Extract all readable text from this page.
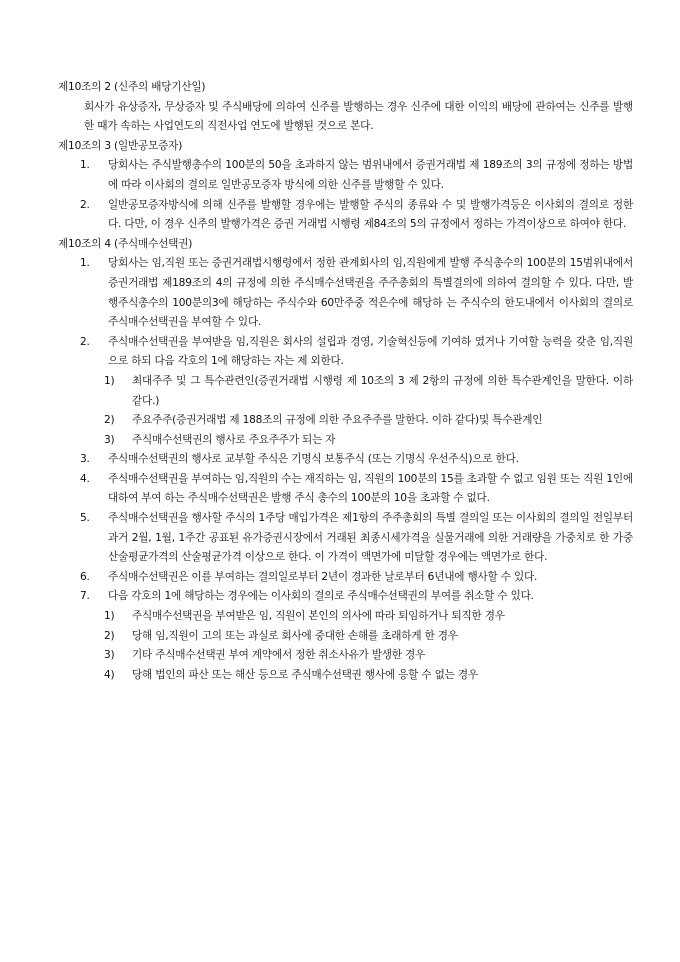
제10조의 2 (신주의 배당기산일)

회사가 유상증자, 무상증자 및 주식배당에 의하여 신주를 발행하는 경우 신주에 대한 이익의 배당에 관하여는 신주를 발행한 때가 속하는 사업연도의 직전사업 연도에 발행된 것으로 본다.

제10조의 3 (일반공모증자)

1. 당회사는 주식발행총수의 100분의 50을 초과하지 않는 범위내에서 증권거래법 제 189조의 3의 규정에 정하는 방법에 따라 이사회의 결의로 일반공모증자 방식에 의한 신주를 발행할 수 있다.
2. 일반공모증자방식에 의해 신주를 발행할 경우에는 발행할 주식의 종류와 수 및 발행가격등은 이사회의 결의로 정한다. 다만, 이 경우 신주의 발행가격은 증권 거래법 시행령 제84조의 5의 규정에서 정하는 가격이상으로 하여야 한다.

제10조의 4 (주식매수선택권)

1. 당회사는 임,직원 또는 증권거래법시행령에서 정한 관계회사의 임,직원에게 발행 주식총수의 100분의 15범위내에서 증권거래법 제189조의 4의 규정에 의한 주식매수선택권을 주주총회의 특별결의에 의하여 결의할 수 있다. 다만, 발행주식총수의 100분의3에 해당하는 주식수와 60만주중 적은수에 해당하 는 주식수의 한도내에서 이사회의 결의로 주식매수선택권을 부여할 수 있다.
2. 주식매수선택권을 부여받을 임,직원은 회사의 설립과 경영, 기술혁신등에 기여하 였거나 기여할 능력을 갖춘 임,직원으로 하되 다음 각호의 1에 해당하는 자는 제 외한다.
1) 최대주주 및 그 특수관련인(증권거래법 시행령 제 10조의 3 제 2항의 규정에 의한 특수관계인을 말한다. 이하 같다.)
2) 주요주주(증권거래법 제 188조의 규정에 의한 주요주주를 말한다. 이하 같다)및 특수관계인
3) 주식매수선택권의 행사로 주요주주가 되는 자
3. 주식매수선택권의 행사로 교부할 주식은 기명식 보통주식 (또는 기명식 우선주식)으로 한다.
4. 주식매수선택권을 부여하는 임,직원의 수는 재직하는 임, 직원의 100분의 15를 초과할 수 없고 임원 또는 직원 1인에 대하여 부여 하는 주식매수선택권은 발행 주식 총수의 100분의 10을 초과할 수 없다.
5. 주식매수선택권을 행사할 주식의 1주당 매입가격은 제1항의 주주총회의 특별 결의일 또는 이사회의 결의일 전일부터 과거 2월, 1월, 1주간 공표된 유가증권시장에서 거래된 최종시세가격을 실물거래에 의한 거래량을 가중치로 한 가중산술평균가격의 산술평균가격 이상으로 한다. 이 가격이 액면가에 미달할 경우에는 액면가로 한다.
6. 주식매수선택권은 이를 부여하는 결의일로부터 2년이 경과한 날로부터 6년내에 행사할 수 있다.
7. 다음 각호의 1에 해당하는 경우에는 이사회의 결의로 주식매수선택권의 부여를 취소할 수 있다.
1) 주식매수선택권을 부여받은 임, 직원이 본인의 의사에 따라 퇴임하거나 퇴직한 경우
2) 당해 임,직원이 고의 또는 과실로 회사에 중대한 손해를 초래하게 한 경우
3) 기타 주식매수선택권 부여 계약에서 정한 취소사유가 발생한 경우
4) 당해 법인의 파산 또는 해산 등으로 주식매수선택권 행사에 응할 수 없는 경우
